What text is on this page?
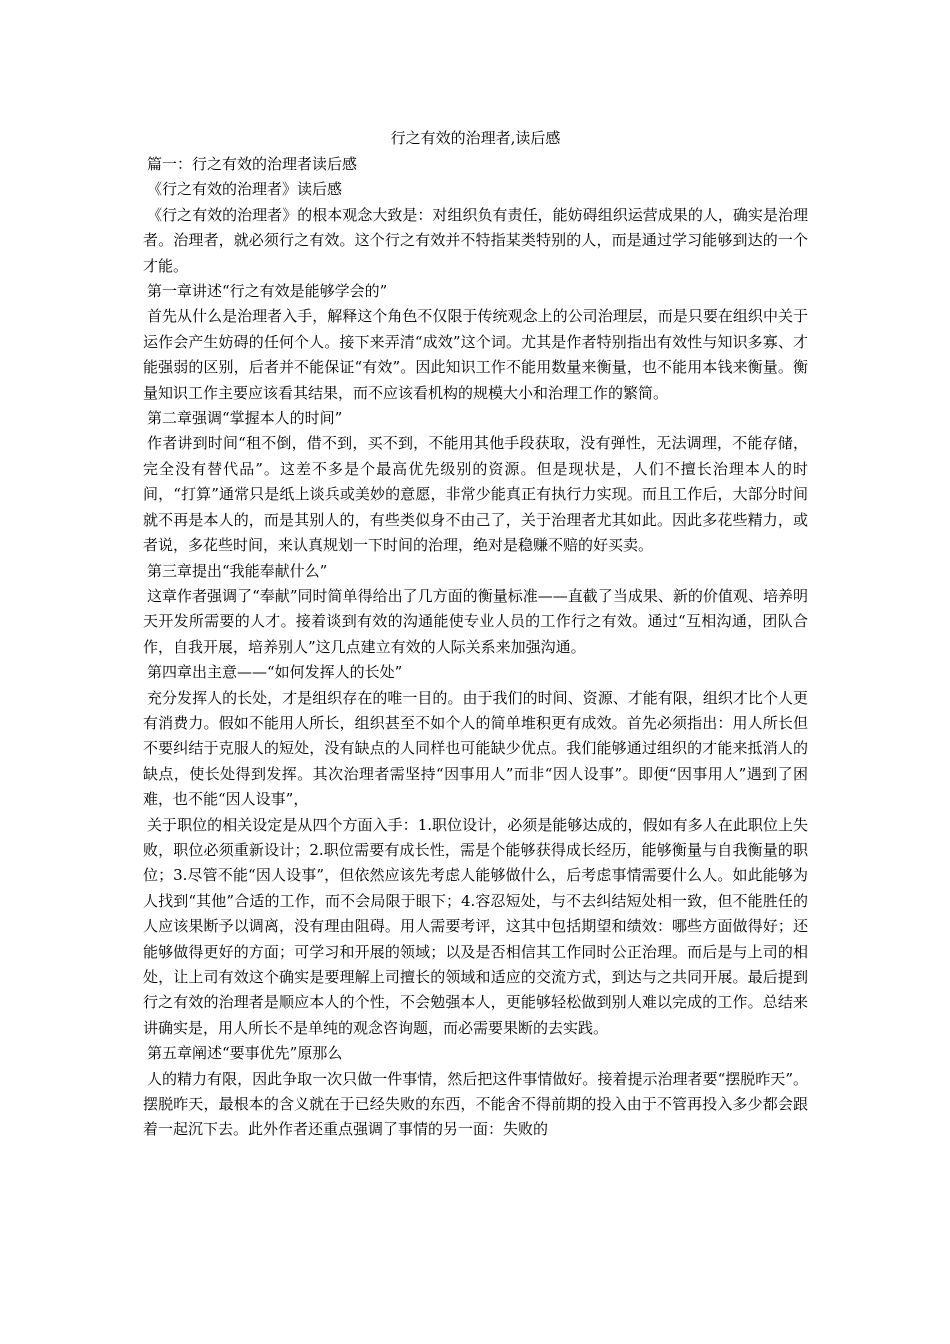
行之有效的治理者,读后感

篇一：行之有效的治理者读后感

《行之有效的治理者》读后感

《行之有效的治理者》的根本观念大致是：对组织负有责任，能妨碍组织运营成果的人，确实是治理者。治理者，就必须行之有效。这个行之有效并不特指某类特别的人，而是通过学习能够到达的一个才能。

第一章讲述“行之有效是能够学会的”

首先从什么是治理者入手，解释这个角色不仅限于传统观念上的公司治理层，而是只要在组织中关于运作会产生妨碍的任何个人。接下来弄清“成效”这个词。尤其是作者特别指出有效性与知识多寡、才能强弱的区别，后者并不能保证“有效”。因此知识工作不能用数量来衡量，也不能用本钱来衡量。衡量知识工作主要应该看其结果，而不应该看机构的规模大小和治理工作的繁简。

第二章强调“掌握本人的时间”

作者讲到时间“租不倒，借不到，买不到，不能用其他手段获取，没有弹性，无法调理，不能存储，完全没有替代品”。这差不多是个最高优先级别的资源。但是现状是，人们不擅长治理本人的时间，“打算”通常只是纸上谈兵或美妙的意愿，非常少能真正有执行力实现。而且工作后，大部分时间就不再是本人的，而是其别人的，有些类似身不由己了，关于治理者尤其如此。因此多花些精力，或者说，多花些时间，来认真规划一下时间的治理，绝对是稳赚不赔的好买卖。

第三章提出“我能奉献什么”

这章作者强调了“奉献”同时简单得给出了几方面的衡量标准——直截了当成果、新的价值观、培养明天开发所需要的人才。接着谈到有效的沟通能使专业人员的工作行之有效。通过“互相沟通，团队合作，自我开展，培养别人”这几点建立有效的人际关系来加强沟通。

第四章出主意——“如何发挥人的长处”

充分发挥人的长处，才是组织存在的唯一目的。由于我们的时间、资源、才能有限，组织才比个人更有消费力。假如不能用人所长，组织甚至不如个人的简单堆积更有成效。首先必须指出：用人所长但不要纠结于克服人的短处，没有缺点的人同样也可能缺少优点。我们能够通过组织的才能来抵消人的缺点，使长处得到发挥。其次治理者需坚持“因事用人”而非“因人设事”。即便“因事用人”遇到了困难，也不能“因人设事”，

关于职位的相关设定是从四个方面入手：1.职位设计，必须是能够达成的，假如有多人在此职位上失败，职位必须重新设计；2.职位需要有成长性，需是个能够获得成长经历，能够衡量与自我衡量的职位；3.尽管不能“因人设事”，但依然应该先考虑人能够做什么，后考虑事情需要什么人。如此能够为人找到“其他”合适的工作，而不会局限于眼下；4.容忍短处，与不去纠结短处相一致，但不能胜任的人应该果断予以调离，没有理由阻碍。用人需要考评，这其中包括期望和绩效：哪些方面做得好；还能够做得更好的方面；可学习和开展的领域；以及是否相信其工作同时公正治理。而后是与上司的相处，让上司有效这个确实是要理解上司擅长的领域和适应的交流方式，到达与之共同开展。最后提到行之有效的治理者是顺应本人的个性，不会勉强本人，更能够轻松做到别人难以完成的工作。总结来讲确实是，用人所长不是单纯的观念咨询题，而必需要果断的去实践。

第五章阐述“要事优先”原那么

人的精力有限，因此争取一次只做一件事情，然后把这件事情做好。接着提示治理者要“摆脱昨天”。摆脱昨天，最根本的含义就在于已经失败的东西，不能舍不得前期的投入由于不管再投入多少都会跟着一起沉下去。此外作者还重点强调了事情的另一面：失败的
